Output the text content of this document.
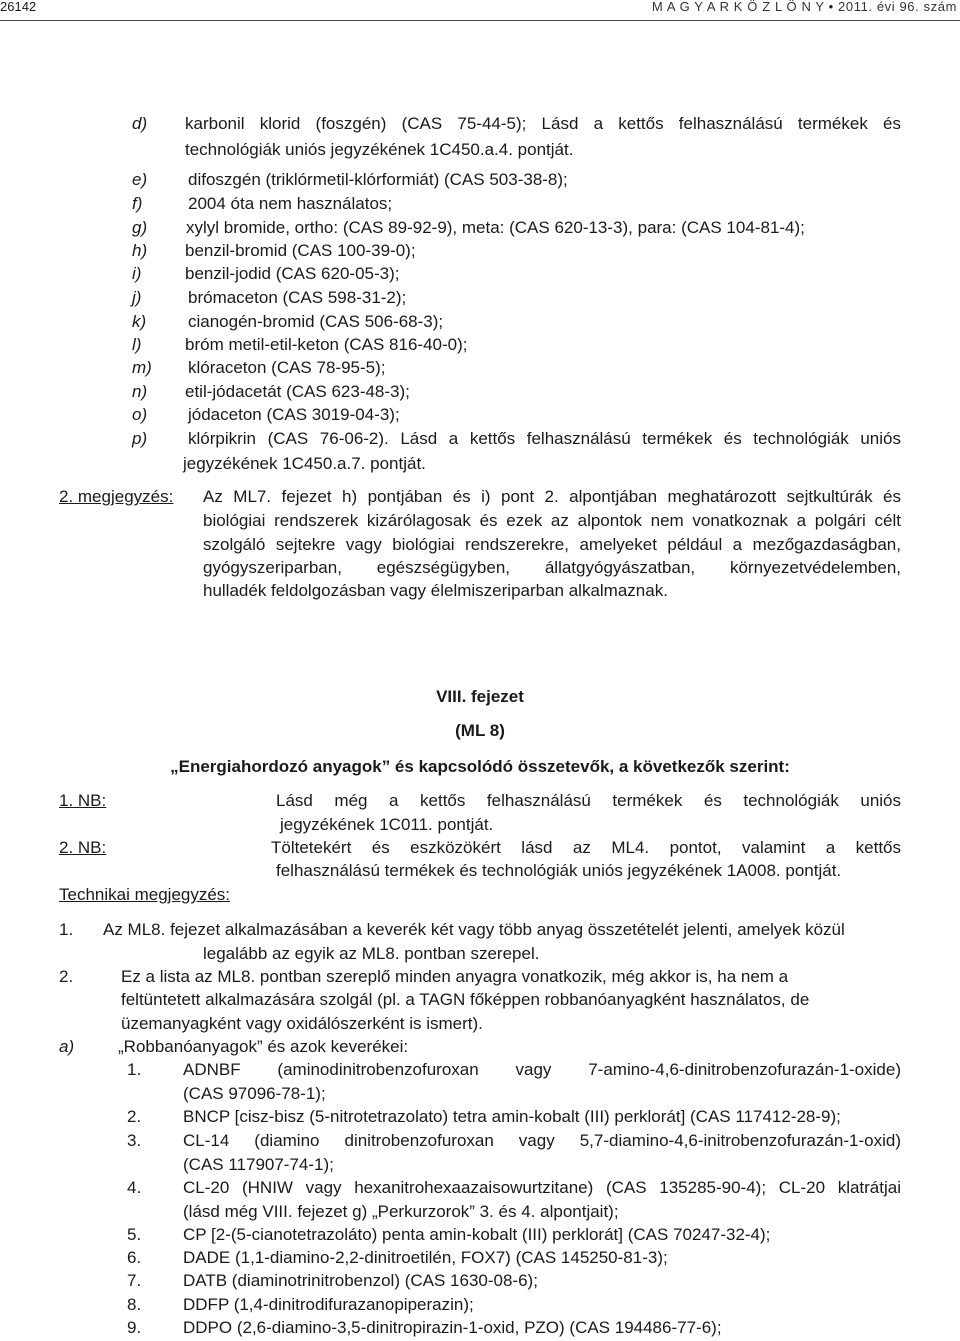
26142	M A G Y A R K Ö Z L Ö N Y • 2011. évi 96. szám
d) karbonil klorid (foszgén) (CAS 75-44-5); Lásd a kettős felhasználású termékek és
technológiák uniós jegyzékének 1C450.a.4. pontját.
e) difoszgén (triklórmetil-klórformiát) (CAS 503-38-8);
f)	2004 óta nem használatos;
g) xylyl bromide, ortho: (CAS 89-92-9), meta: (CAS 620-13-3), para: (CAS 104-81-4);
h) benzil-bromid (CAS 100-39-0);
i)	benzil-jodid (CAS 620-05-3);
j)	brómaceton (CAS 598-31-2);
k) cianogén-bromid (CAS 506-68-3);
l)	bróm metil-etil-keton (CAS 816-40-0);
m) klóraceton (CAS 78-95-5);
n) etil-jódacetát (CAS 623-48-3);
o) jódaceton (CAS 3019-04-3);
p) klórpikrin (CAS 76-06-2). Lásd a kettős felhasználású termékek és technológiák uniós
jegyzékének 1C450.a.7. pontját.
2. megjegyzés: Az ML7. fejezet h) pontjában és i) pont 2. alpontjában meghatározott sejtkultúrák és
biológiai rendszerek kizárólagosak és ezek az alpontok nem vonatkoznak a polgári célt
szolgáló sejtekre vagy biológiai rendszerekre, amelyeket például a mezőgazdaságban,
gyógyszeriparban, egészségügyben, állatgyógyászatban, környezetvédelemben,
hulladék feldolgozásban vagy élelmiszeriparban alkalmaznak.
VIII. fejezet
(ML 8)
„Energiahordozó anyagok” és kapcsolódó összetevők, a következők szerint:
1. NB:	Lásd még a kettős felhasználású termékek és technológiák uniós
jegyzékének 1C011. pontját.
2. NB:	Töltetekért és eszközökért lásd az ML4. pontot, valamint a kettős
felhasználású termékek és technológiák uniós jegyzékének 1A008. pontját.
Technikai megjegyzés:
1. Az ML8. fejezet alkalmazásában a keverék két vagy több anyag összetételét jelenti, amelyek közül
legalább az egyik az ML8. pontban szerepel.
2.	Ez a lista az ML8. pontban szereplő minden anyagra vonatkozik, még akkor is, ha nem a
feltüntetett alkalmazására szolgál (pl. a TAGN főképpen robbanóanyagként használatos, de
üzemanyagként vagy oxidálószerként is ismert).
a)	„Robbanóanyagok” és azok keverékei:
1. ADNBF (aminodinitrobenzofuroxan vagy 7-amino-4,6-dinitrobenzofurazán-1-oxide)
(CAS 97096-78-1);
2. BNCP [cisz-bisz (5-nitrotetrazolato) tetra amin-kobalt (III) perklorát] (CAS 117412-28-9);
3. CL-14 (diamino dinitrobenzofuroxan vagy 5,7-diamino-4,6-initrobenzofurazán-1-oxid)
(CAS 117907-74-1);
4. CL-20 (HNIW vagy hexanitrohexaazaisowurtzitane) (CAS 135285-90-4); CL-20 klatrátjai
(lásd még VIII. fejezet g) „Perkurzorok” 3. és 4. alpontjait);
5. CP [2-(5-cianotetrazoláto) penta amin-kobalt (III) perklorát] (CAS 70247-32-4);
6. DADE (1,1-diamino-2,2-dinitroetilén, FOX7) (CAS 145250-81-3);
7. DATB (diaminotrinitrobenzol) (CAS 1630-08-6);
8. DDFP (1,4-dinitrodifurazanopiperazin);
9. DDPO (2,6-diamino-3,5-dinitropirazin-1-oxid, PZO) (CAS 194486-77-6);
